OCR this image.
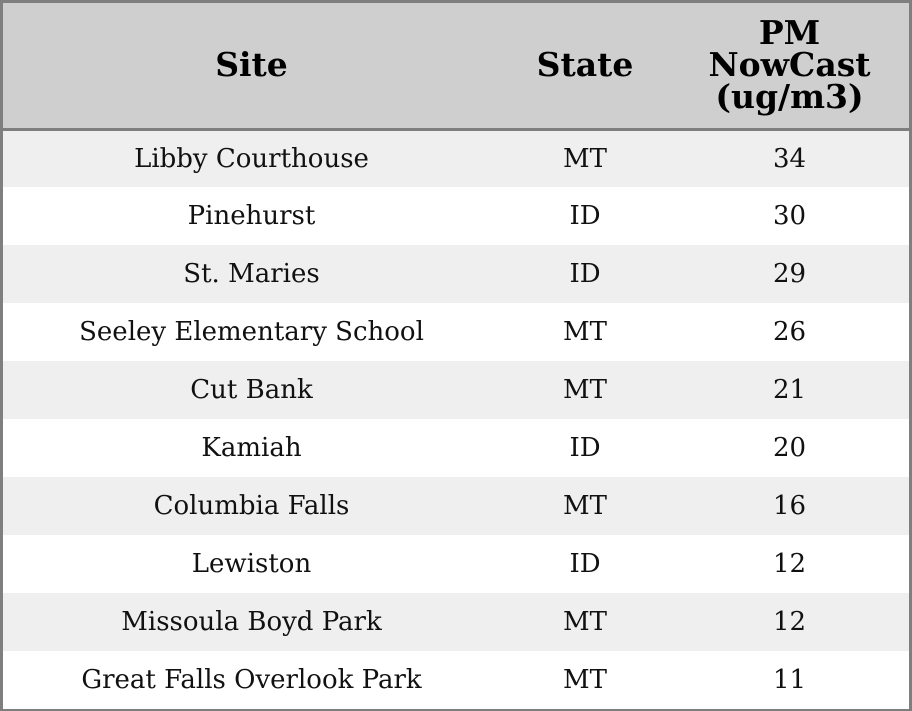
Site	State	PM
NowCast
(ug/m3)

Libby Courthouse	MT	34
Pinehurst	ID	30
St. Maries	ID	29
Seeley Elementary School	MT	26
Cut Bank	MT	21
Kamiah	ID	20
Columbia Falls	MT	16
Lewiston	ID	12
Missoula Boyd Park	MT	12
Great Falls Overlook Park	MT	11
